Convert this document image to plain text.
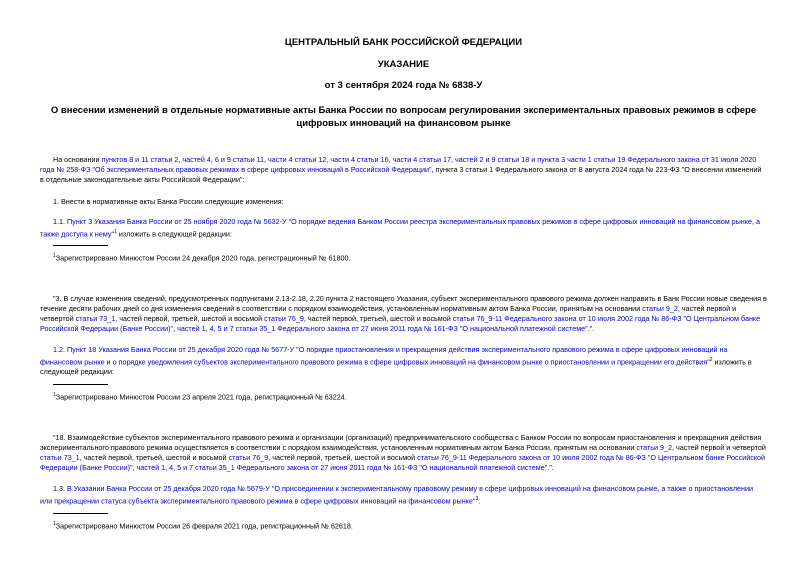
ЦЕНТРАЛЬНЫЙ БАНК РОССИЙСКОЙ ФЕДЕРАЦИИ
УКАЗАНИЕ
от 3 сентября 2024 года № 6838-У
О внесении изменений в отдельные нормативные акты Банка России по вопросам регулирования экспериментальных правовых режимов в сфере цифровых инноваций на финансовом рынке

На основании пунктов 8 и 11 статьи 2, частей 4, 6 и 9 статьи 11, части 4 статьи 12, части 4 статьи 16, части 4 статьи 17, частей 2 и 9 статьи 18 и пункта 3 части 1 статьи 19 Федерального закона от 31 июля 2020 года № 258-ФЗ "Об экспериментальных правовых режимах в сфере цифровых инноваций в Российской Федерации", пункта 3 статьи 1 Федерального закона от 8 августа 2024 года № 223-ФЗ "О внесении изменений в отдельные законодательные акты Российской Федерации":

1. Внести в нормативные акты Банка России следующие изменения:

1.1. Пункт 3 Указания Банка России от 25 ноября 2020 года № 5632-У "О порядке ведения Банком России реестра экспериментальных правовых режимов в сфере цифровых инноваций на финансовом рынке, а также доступа к нему"$^1$ изложить в следующей редакции:

$^1$Зарегистрировано Минюстом России 24 декабря 2020 года, регистрационный № 61800.

"3. В случае изменения сведений, предусмотренных подпунктами 2.13-2.18, 2.20 пункта 2 настоящего Указания, субъект экспериментального правового режима должен направить в Банк России новые сведения в течение десяти рабочих дней со дня изменения сведений в соответствии с порядком взаимодействия, установленным нормативным актом Банка России, принятым на основании статьи 9_2, частей первой и четвертой статьи 73_1, частей первой, третьей, шестой и восьмой статьи 76_9, частей первой, третьей, шестой и восьмой статьи 76_9-11 Федерального закона от 10 июля 2002 года № 86-ФЗ "О Центральном банке Российской Федерации (Банке России)", частей 1, 4, 5 и 7 статьи 35_1 Федерального закона от 27 июня 2011 года № 161-ФЗ "О национальной платежной системе".".

1.2. Пункт 18 Указания Банка России от 25 декабря 2020 года № 5677-У "О порядке приостановления и прекращения действия экспериментального правового режима в сфере цифровых инноваций на финансовом рынке и о порядке уведомления субъектов экспериментального правового режима в сфере цифровых инноваций на финансовом рынке о приостановлении и прекращении его действия"$^2$ изложить в следующей редакции:

$^1$Зарегистрировано Минюстом России 23 апреля 2021 года, регистрационный № 63224.

"18. Взаимодействие субъектов экспериментального правового режима и организации (организаций) предпринимательского сообщества с Банком России по вопросам приостановления и прекращения действия экспериментального правового режима осуществляется в соответствии с порядком взаимодействия, установленным нормативным актом Банка России, принятым на основании статьи 9_2, частей первой и четвертой статьи 73_1, частей первой, третьей, шестой и восьмой статьи 76_9, частей первой, третьей, шестой и восьмой статьи 76_9-11 Федерального закона от 10 июля 2002 года № 86-ФЗ "О Центральном банке Российской Федерации (Банке России)", частей 1, 4, 5 и 7 статьи 35_1 Федерального закона от 27 июня 2011 года № 161-ФЗ "О национальной платежной системе".".

1.3. В Указании Банка России от 25 декабря 2020 года № 5679-У "О присоединении к экспериментальному правовому режиму в сфере цифровых инноваций на финансовом рынке, а также о приостановлении или прекращении статуса субъекта экспериментального правового режима в сфере цифровых инноваций на финансовом рынке"$^3$:

$^1$Зарегистрировано Минюстом России 26 февраля 2021 года, регистрационный № 62618.
